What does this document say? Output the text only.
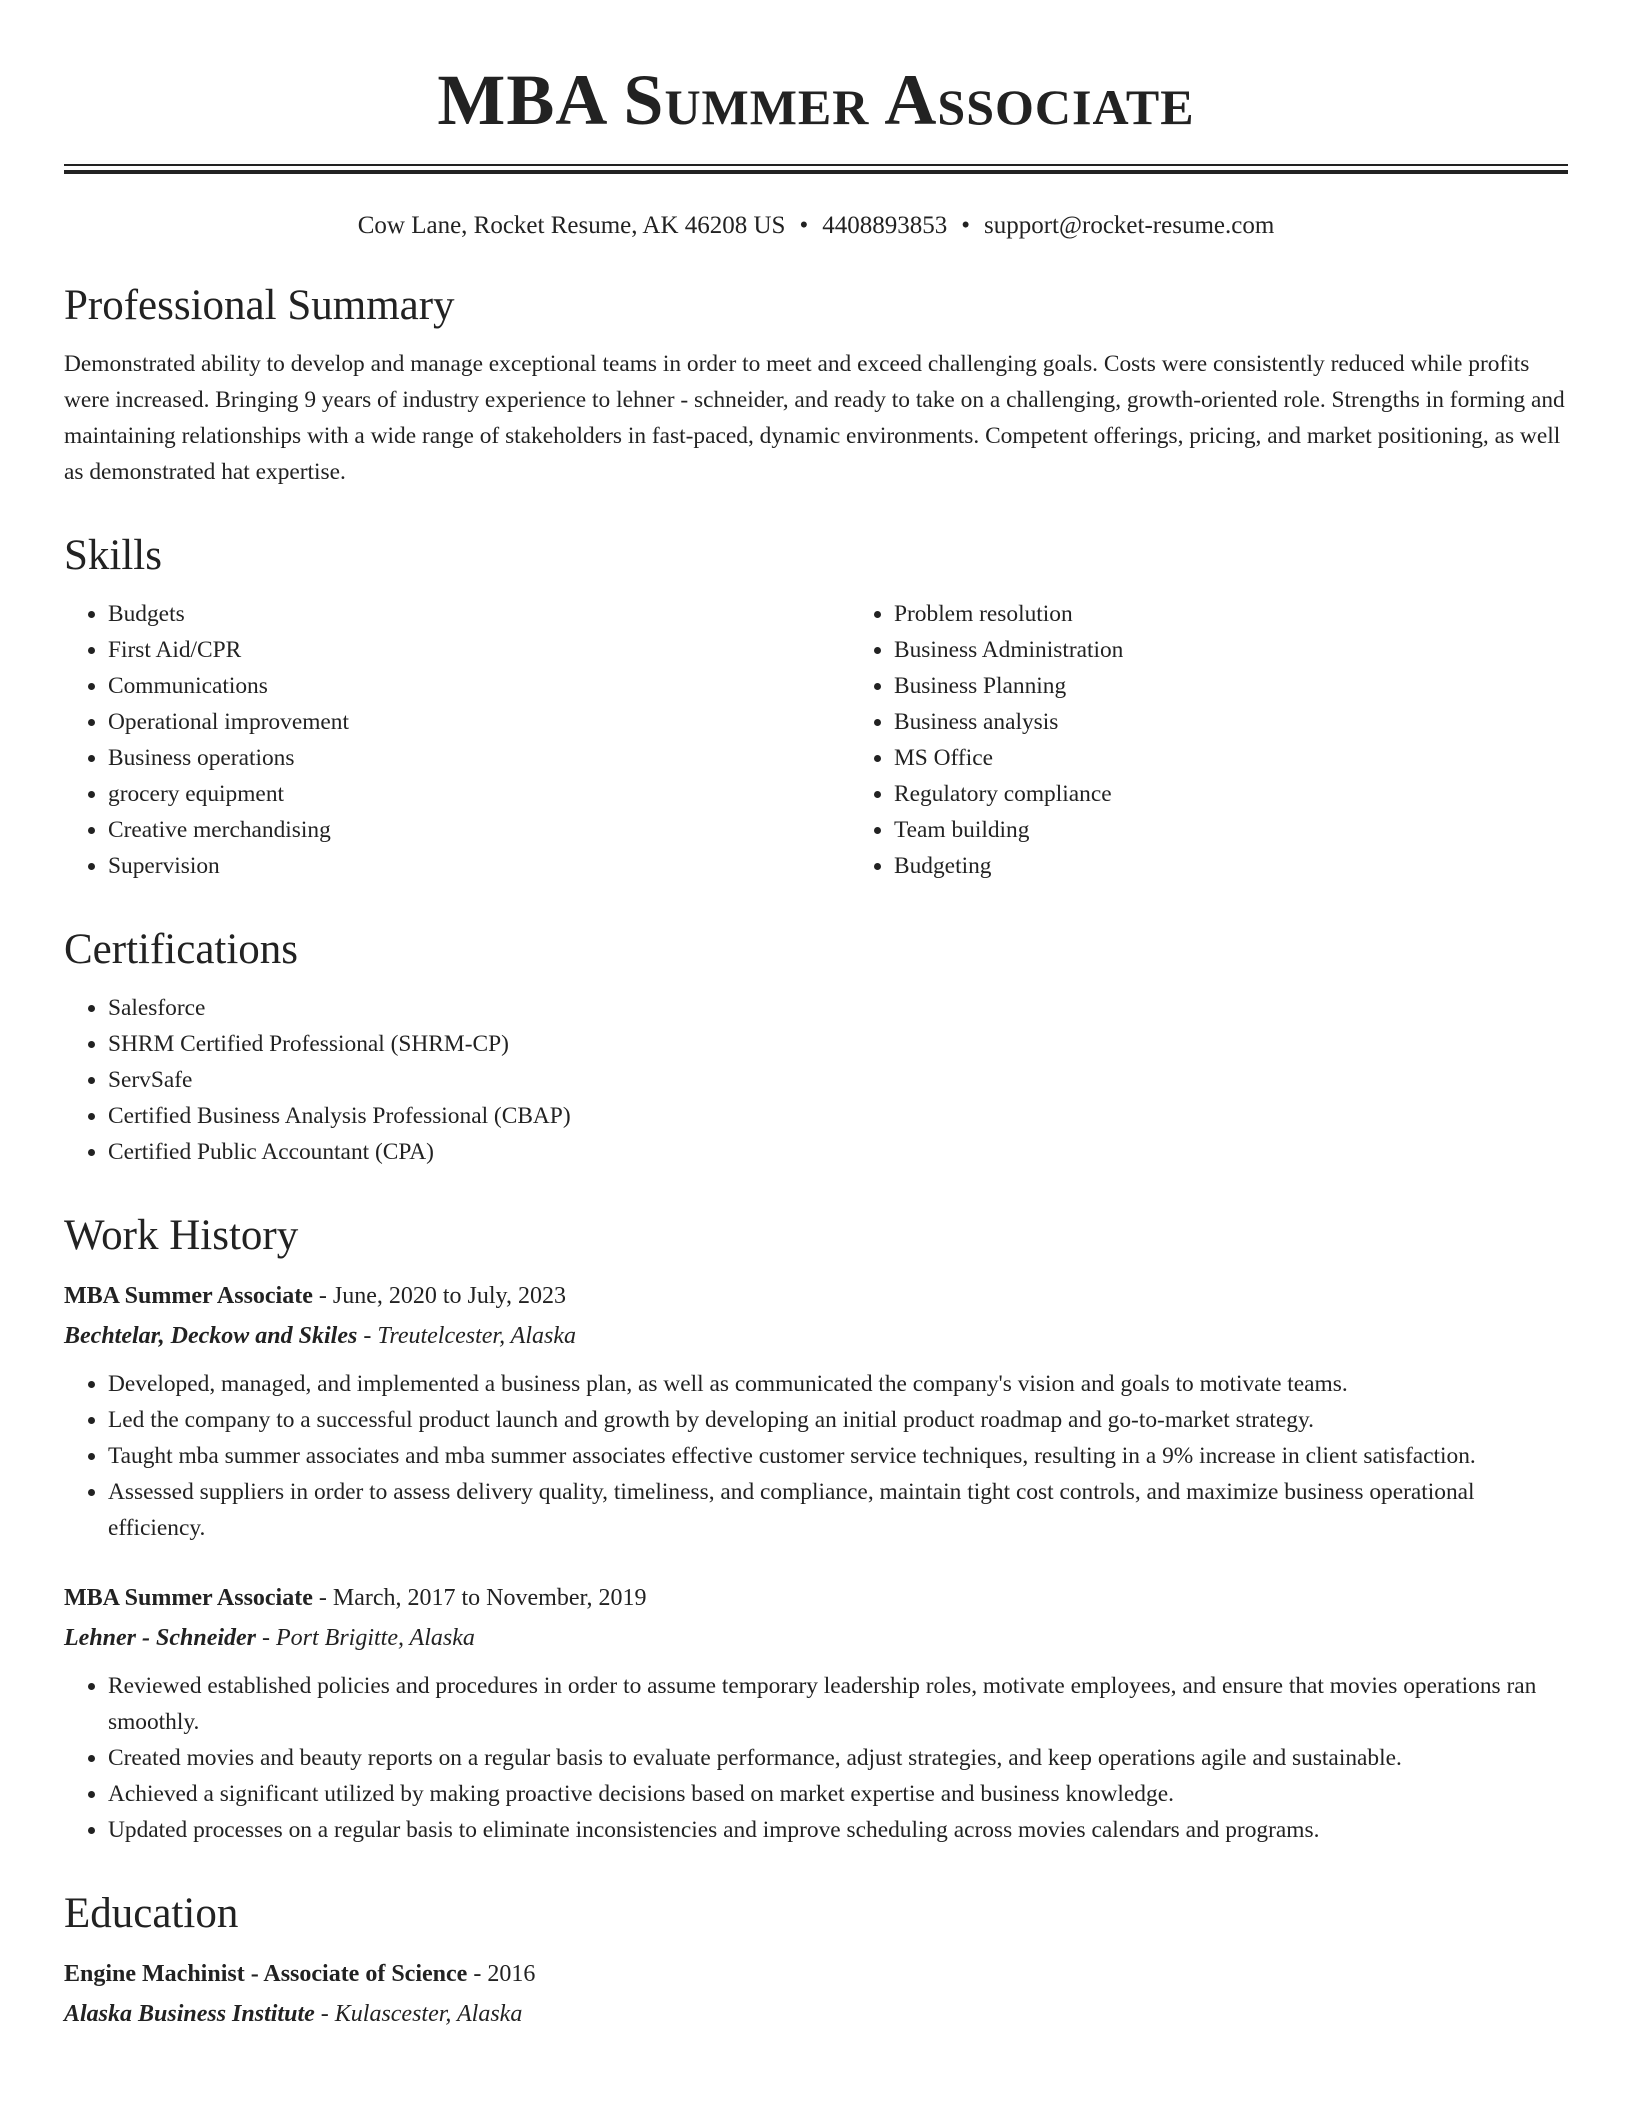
MBA Summer Associate
Cow Lane, Rocket Resume, AK 46208 US • 4408893853 • support@rocket-resume.com
Professional Summary

Demonstrated ability to develop and manage exceptional teams in order to meet and exceed challenging goals. Costs were consistently reduced while profits were increased. Bringing 9 years of industry experience to lehner - schneider, and ready to take on a challenging, growth-oriented role. Strengths in forming and maintaining relationships with a wide range of stakeholders in fast-paced, dynamic environments. Competent offerings, pricing, and market positioning, as well as demonstrated hat expertise.

Skills
• Budgets
• First Aid/CPR
• Communications
• Operational improvement
• Business operations
• grocery equipment
• Creative merchandising
• Supervision
• Problem resolution
• Business Administration
• Business Planning
• Business analysis
• MS Office
• Regulatory compliance
• Team building
• Budgeting
Certifications
• Salesforce
• SHRM Certified Professional (SHRM-CP)
• ServSafe
• Certified Business Analysis Professional (CBAP)
• Certified Public Accountant (CPA)
Work History
MBA Summer Associate - June, 2020 to July, 2023
Bechtelar, Deckow and Skiles - Treutelcester, Alaska
• Developed, managed, and implemented a business plan, as well as communicated the company's vision and goals to motivate teams.
• Led the company to a successful product launch and growth by developing an initial product roadmap and go-to-market strategy.
• Taught mba summer associates and mba summer associates effective customer service techniques, resulting in a 9% increase in client satisfaction.
• Assessed suppliers in order to assess delivery quality, timeliness, and compliance, maintain tight cost controls, and maximize business operational efficiency.
MBA Summer Associate - March, 2017 to November, 2019
Lehner - Schneider - Port Brigitte, Alaska
• Reviewed established policies and procedures in order to assume temporary leadership roles, motivate employees, and ensure that movies operations ran smoothly.
• Created movies and beauty reports on a regular basis to evaluate performance, adjust strategies, and keep operations agile and sustainable.
• Achieved a significant utilized by making proactive decisions based on market expertise and business knowledge.
• Updated processes on a regular basis to eliminate inconsistencies and improve scheduling across movies calendars and programs.
Education
Engine Machinist - Associate of Science - 2016
Alaska Business Institute - Kulascester, Alaska
